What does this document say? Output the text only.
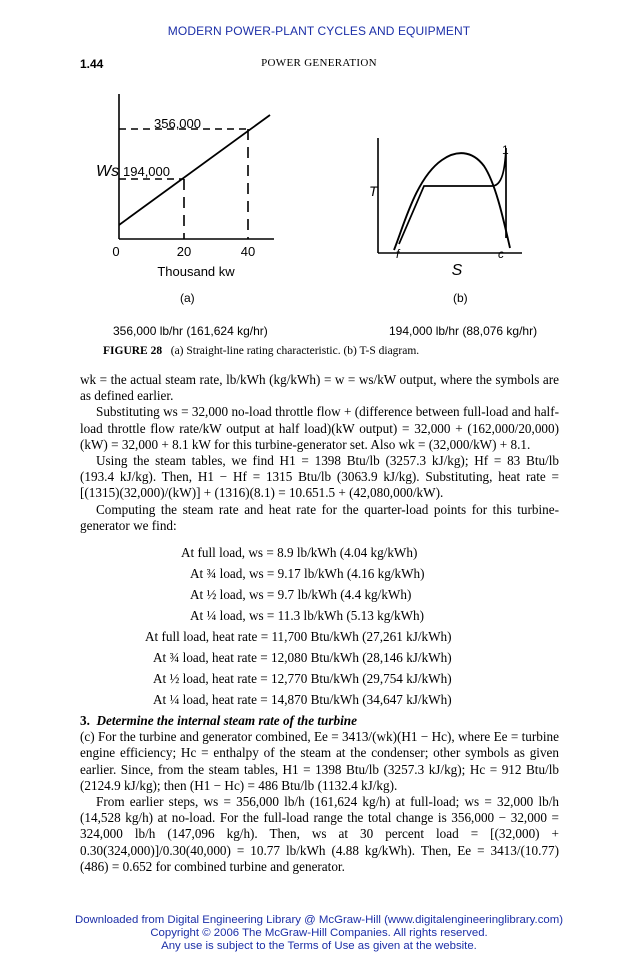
MODERN POWER-PLANT CYCLES AND EQUIPMENT
1.44	POWER GENERATION
356,000
194,000
Ws
0	20	40
Thousand kw
T
f	c
1
S
(a)	(b)
356,000 lb/hr (161,624 kg/hr)	194,000 lb/hr (88,076 kg/hr)
FIGURE 28 (a) Straight-line rating characteristic. (b) T-S diagram.

wk = the actual steam rate, lb/kWh (kg/kWh) = w = ws/kW output, where the symbols are as defined earlier.

Substituting ws = 32,000 no-load throttle flow + (difference between full-load and half-load throttle flow rate/kW output at half load)(kW output) = 32,000 + (162,000/20,000)(kW) = 32,000 + 8.1 kW for this turbine-generator set. Also wk = (32,000/kW) + 8.1.

Using the steam tables, we find H1 = 1398 Btu/lb (3257.3 kJ/kg); Hf = 83 Btu/lb (193.4 kJ/kg). Then, H1 − Hf = 1315 Btu/lb (3063.9 kJ/kg). Substituting, heat rate = [(1315)(32,000)/(kW)] + (1316)(8.1) = 10.651.5 + (42,080,000/kW).

Computing the steam rate and heat rate for the quarter-load points for this turbine-generator we find:

At full load, ws = 8.9 lb/kWh (4.04 kg/kWh)
At ¾ load, ws = 9.17 lb/kWh (4.16 kg/kWh)
At ½ load, ws = 9.7 lb/kWh (4.4 kg/kWh)
At ¼ load, ws = 11.3 lb/kWh (5.13 kg/kWh)
At full load, heat rate = 11,700 Btu/kWh (27,261 kJ/kWh)
At ¾ load, heat rate = 12,080 Btu/kWh (28,146 kJ/kWh)
At ½ load, heat rate = 12,770 Btu/kWh (29,754 kJ/kWh)
At ¼ load, heat rate = 14,870 Btu/kWh (34,647 kJ/kWh)

3. Determine the internal steam rate of the turbine

(c) For the turbine and generator combined, Ee = 3413/(wk)(H1 − Hc), where Ee = turbine engine efficiency; Hc = enthalpy of the steam at the condenser; other symbols as given earlier. Since, from the steam tables, H1 = 1398 Btu/lb (3257.3 kJ/kg); Hc = 912 Btu/lb (2124.9 kJ/kg); then (H1 − Hc) = 486 Btu/lb (1132.4 kJ/kg).

From earlier steps, ws = 356,000 lb/h (161,624 kg/h) at full-load; ws = 32,000 lb/h (14,528 kg/h) at no-load. For the full-load range the total change is 356,000 − 32,000 = 324,000 lb/h (147,096 kg/h). Then, ws at 30 percent load = [(32,000) + 0.30(324,000)]/0.30(40,000) = 10.77 lb/kWh (4.88 kg/kWh). Then, Ee = 3413/(10.77)(486) = 0.652 for combined turbine and generator.

Downloaded from Digital Engineering Library @ McGraw-Hill (www.digitalengineeringlibrary.com)
Copyright © 2006 The McGraw-Hill Companies. All rights reserved.
Any use is subject to the Terms of Use as given at the website.
